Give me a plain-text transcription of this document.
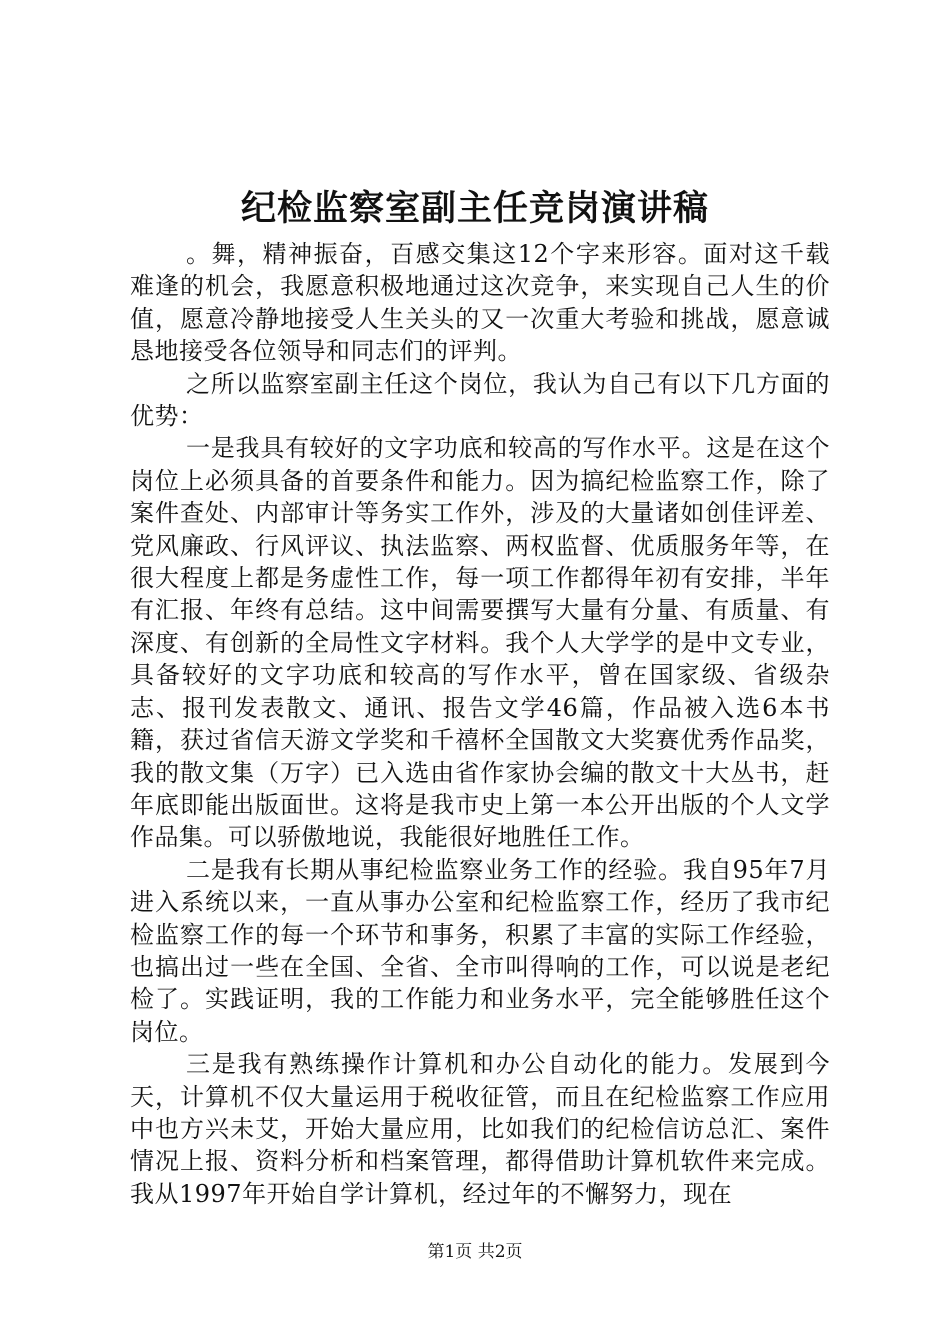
纪检监察室副主任竞岗演讲稿

。舞，精神振奋，百感交集这12个字来形容。面对这千载难逢的机会，我愿意积极地通过这次竞争，来实现自己人生的价值，愿意冷静地接受人生关头的又一次重大考验和挑战，愿意诚恳地接受各位领导和同志们的评判。

之所以监察室副主任这个岗位，我认为自己有以下几方面的优势：

一是我具有较好的文字功底和较高的写作水平。这是在这个岗位上必须具备的首要条件和能力。因为搞纪检监察工作，除了案件查处、内部审计等务实工作外，涉及的大量诸如创佳评差、党风廉政、行风评议、执法监察、两权监督、优质服务年等，在很大程度上都是务虚性工作，每一项工作都得年初有安排，半年有汇报、年终有总结。这中间需要撰写大量有分量、有质量、有深度、有创新的全局性文字材料。我个人大学学的是中文专业，具备较好的文字功底和较高的写作水平，曾在国家级、省级杂志、报刊发表散文、通讯、报告文学46篇，作品被入选6本书籍，获过省信天游文学奖和千禧杯全国散文大奖赛优秀作品奖，我的散文集（万字）已入选由省作家协会编的散文十大丛书，赶年底即能出版面世。这将是我市史上第一本公开出版的个人文学作品集。可以骄傲地说，我能很好地胜任工作。

二是我有长期从事纪检监察业务工作的经验。我自95年7月进入系统以来，一直从事办公室和纪检监察工作，经历了我市纪检监察工作的每一个环节和事务，积累了丰富的实际工作经验，也搞出过一些在全国、全省、全市叫得响的工作，可以说是老纪检了。实践证明，我的工作能力和业务水平，完全能够胜任这个岗位。

三是我有熟练操作计算机和办公自动化的能力。发展到今天，计算机不仅大量运用于税收征管，而且在纪检监察工作应用中也方兴未艾，开始大量应用，比如我们的纪检信访总汇、案件情况上报、资料分析和档案管理，都得借助计算机软件来完成。我从1997年开始自学计算机，经过年的不懈努力，现在

第1页 共2页
